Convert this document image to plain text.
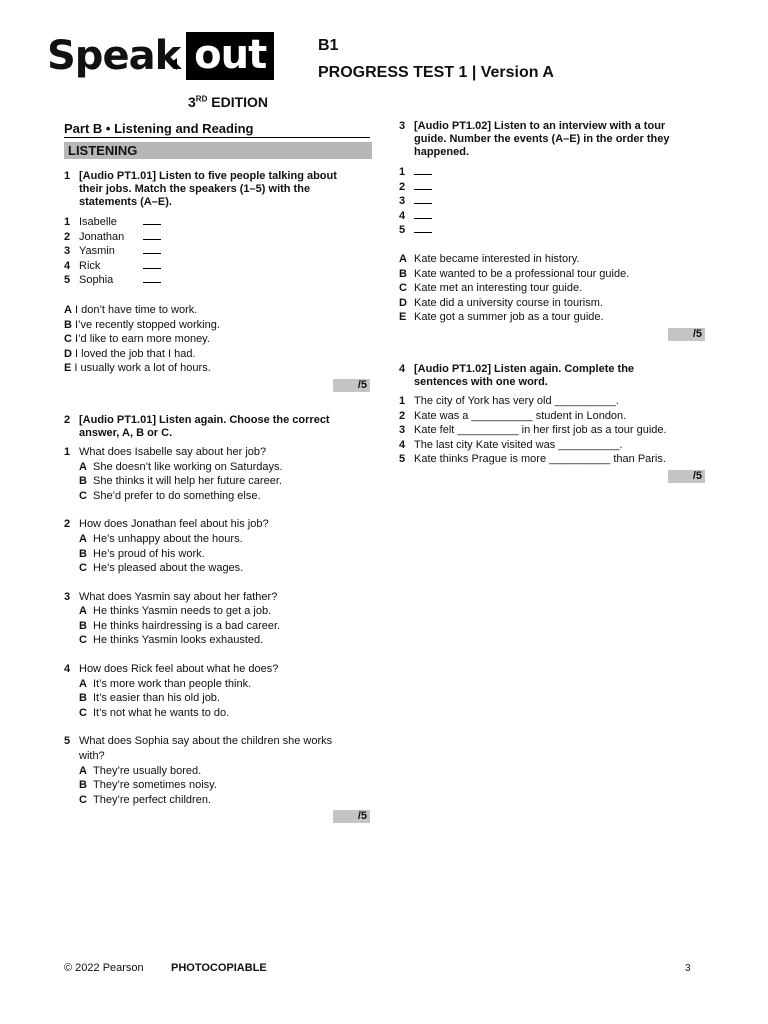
Speak out
3RD EDITION
B1
PROGRESS TEST 1 | Version A
Part B • Listening and Reading
LISTENING
1 [Audio PT1.01] Listen to five people talking about their jobs. Match the speakers (1–5) with the statements (A–E).
1 Isabelle
2 Jonathan
3 Yasmin
4 Rick
5 Sophia
A I don’t have time to work.
B I’ve recently stopped working.
C I’d like to earn more money.
D I loved the job that I had.
E I usually work a lot of hours.
/5
2 [Audio PT1.01] Listen again. Choose the correct answer, A, B or C.
1 What does Isabelle say about her job?
A She doesn’t like working on Saturdays.
B She thinks it will help her future career.
C She’d prefer to do something else.
2 How does Jonathan feel about his job?
A He’s unhappy about the hours.
B He’s proud of his work.
C He’s pleased about the wages.
3 What does Yasmin say about her father?
A He thinks Yasmin needs to get a job.
B He thinks hairdressing is a bad career.
C He thinks Yasmin looks exhausted.
4 How does Rick feel about what he does?
A It’s more work than people think.
B It’s easier than his old job.
C It’s not what he wants to do.
5 What does Sophia say about the children she works with?
A They’re usually bored.
B They’re sometimes noisy.
C They’re perfect children.
/5
3 [Audio PT1.02] Listen to an interview with a tour guide. Number the events (A–E) in the order they happened.
1
2
3
4
5
A Kate became interested in history.
B Kate wanted to be a professional tour guide.
C Kate met an interesting tour guide.
D Kate did a university course in tourism.
E Kate got a summer job as a tour guide.
/5
4 [Audio PT1.02] Listen again. Complete the sentences with one word.
1 The city of York has very old __________.
2 Kate was a __________ student in London.
3 Kate felt __________ in her first job as a tour guide.
4 The last city Kate visited was __________.
5 Kate thinks Prague is more __________ than Paris.
/5
© 2022 Pearson PHOTOCOPIABLE	3
